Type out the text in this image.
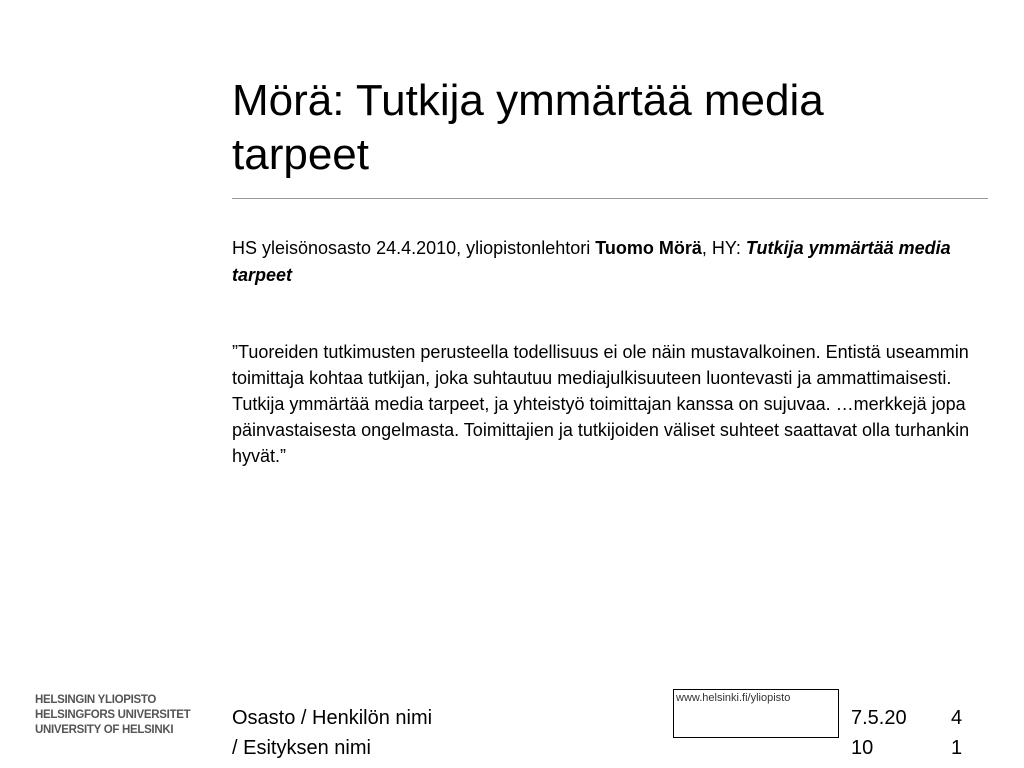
Mörä: Tutkija ymmärtää media
tarpeet
HS yleisönosasto 24.4.2010, yliopistonlehtori Tuomo Mörä, HY: Tutkija ymmärtää media tarpeet

”Tuoreiden tutkimusten perusteella todellisuus ei ole näin mustavalkoinen. Entistä useammin toimittaja kohtaa tutkijan, joka suhtautuu mediajulkisuuteen luontevasti ja ammattimaisesti. Tutkija ymmärtää media tarpeet, ja yhteistyö toimittajan kanssa on sujuvaa. …merkkejä jopa päinvastaisesta ongelmasta. Toimittajien ja tutkijoiden väliset suhteet saattavat olla turhankin hyvät.”

HELSINGIN YLIOPISTO
HELSINGFORS UNIVERSITET
UNIVERSITY OF HELSINKI
Osasto / Henkilön nimi
/ Esityksen nimi
www.helsinki.fi/yliopisto
7.5.20
10
4
1
